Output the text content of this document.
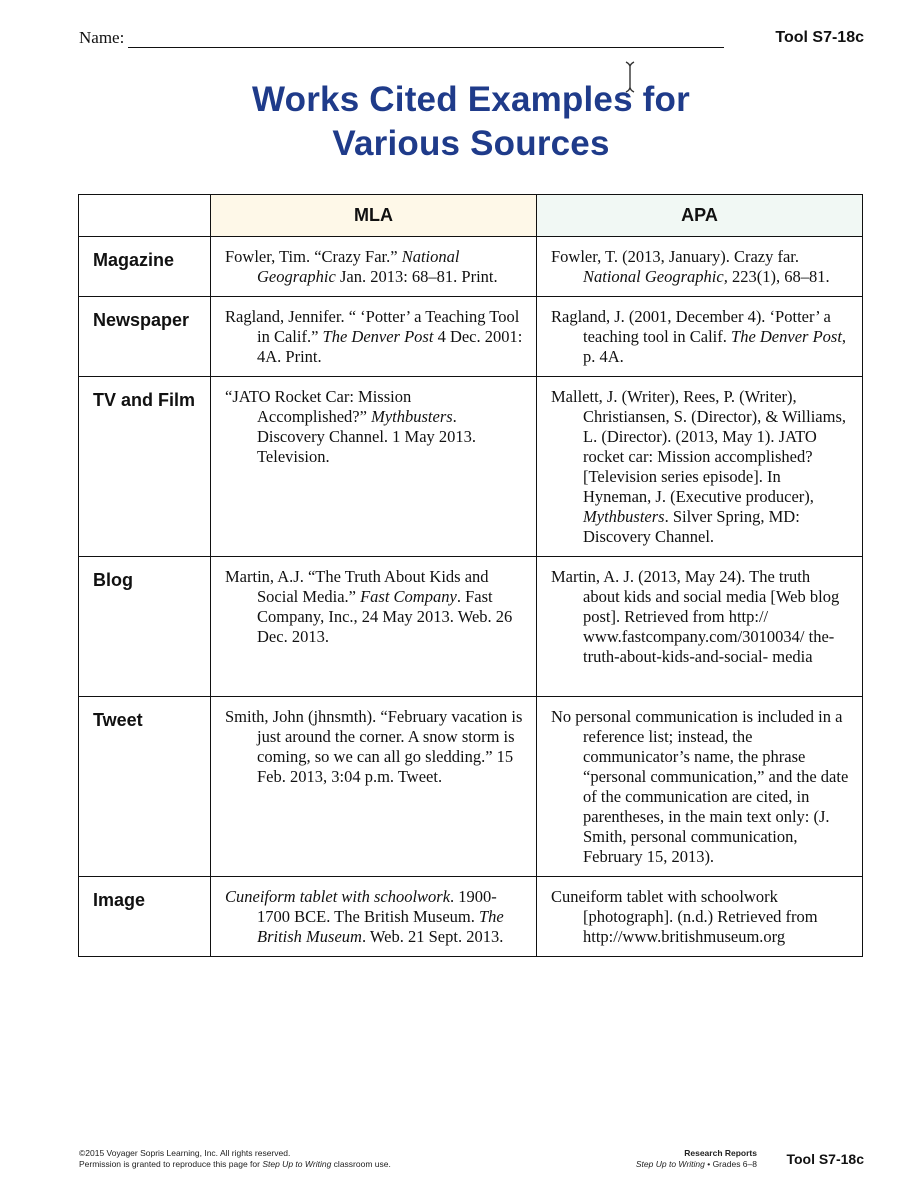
Name:	Tool S7-18c
Works Cited Examples for
Various Sources
	MLA	APA
Magazine	Fowler, Tim. “Crazy Far.” National Geographic Jan. 2013: 68–81. Print.	Fowler, T. (2013, January). Crazy far. National Geographic, 223(1), 68–81.

Newspaper	Ragland, Jennifer. “ ‘Potter’ a Teaching Tool in Calif.” The Denver Post 4 Dec. 2001: 4A. Print.	Ragland, J. (2001, December 4). ‘Potter’ a teaching tool in Calif. The Denver Post, p. 4A.

TV and Film	“JATO Rocket Car: Mission Accomplished?” Mythbusters. Discovery Channel. 1 May 2013. Television.	Mallett, J. (Writer), Rees, P. (Writer), Christiansen, S. (Director), & Williams, L. (Director). (2013, May 1). JATO rocket car: Mission accomplished? [Television series episode]. In Hyneman, J. (Executive producer), Mythbusters. Silver Spring, MD: Discovery Channel.

Blog	Martin, A.J. “The Truth About Kids and Social Media.” Fast Company. Fast Company, Inc., 24 May 2013. Web. 26 Dec. 2013.	Martin, A. J. (2013, May 24). The truth about kids and social media [Web blog post]. Retrieved from http:// www.fastcompany.com/3010034/ the-truth-about-kids-and-social- media

Tweet	Smith, John (jhnsmth). “February vacation is just around the corner. A snow storm is coming, so we can all go sledding.” 15 Feb. 2013, 3:04 p.m. Tweet.	No personal communication is included in a reference list; instead, the communicator’s name, the phrase “personal communication,” and the date of the communication are cited, in parentheses, in the main text only: (J. Smith, personal communication, February 15, 2013).

Image	Cuneiform tablet with schoolwork. 1900-1700 BCE. The British Museum. The British Museum. Web. 21 Sept. 2013.	Cuneiform tablet with schoolwork [photograph]. (n.d.) Retrieved from http://www.britishmuseum.org
©2015 Voyager Sopris Learning, Inc. All rights reserved.
Permission is granted to reproduce this page for Step Up to Writing classroom use.
Research Reports
Step Up to Writing • Grades 6–8 Tool S7-18c
